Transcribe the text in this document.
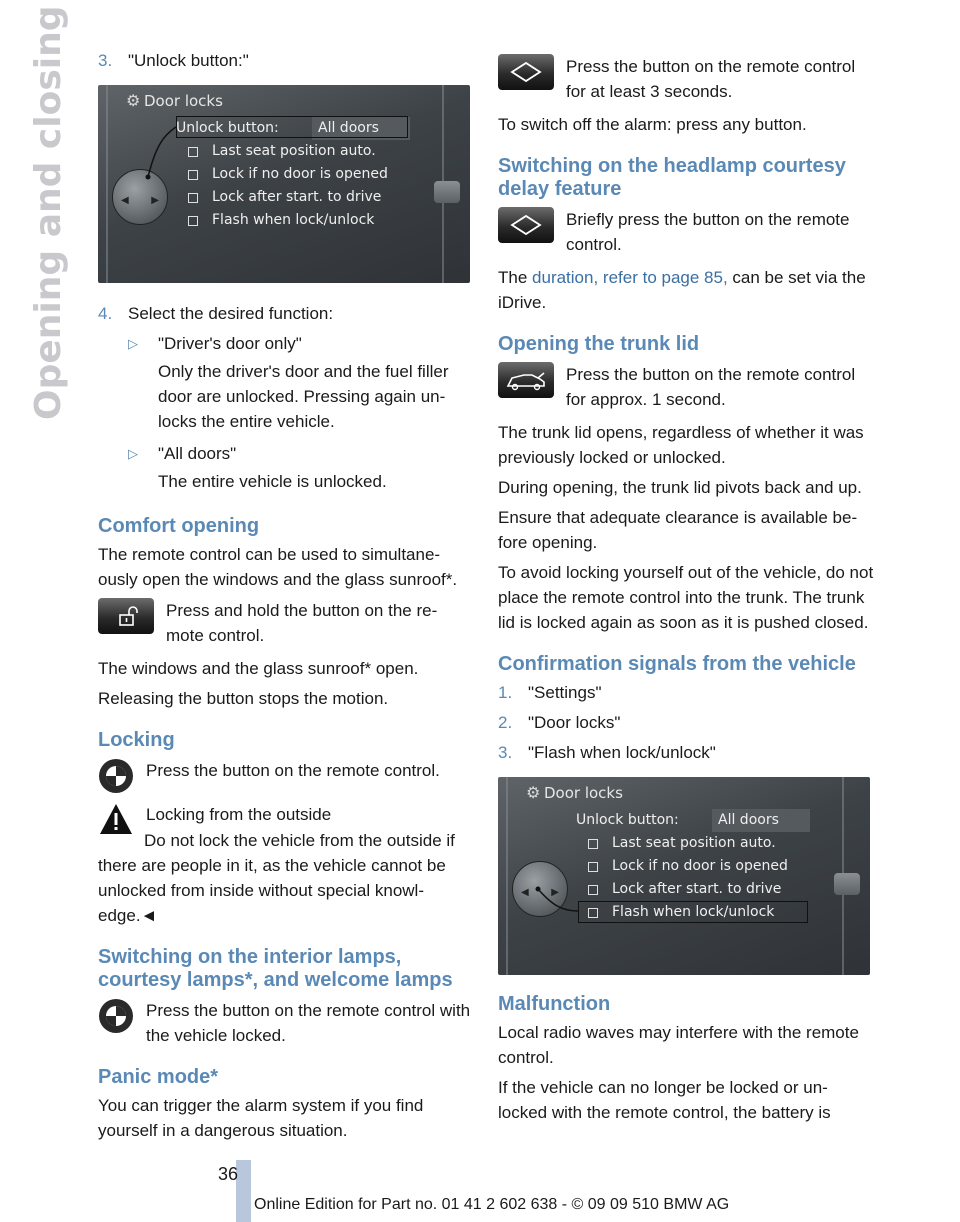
Opening and closing 3. "Unlock button:"
⚙ Door locks
◀ ▶
Unlock button:	All doors
Last seat position auto.
Lock if no door is opened
Lock after start. to drive
Flash when lock/unlock
4. Select the desired function:
▷	"Driver's door only"

Only the driver's door and the fuel filler door are unlocked. Pressing again un-locks the entire vehicle.

▷	"All doors"

The entire vehicle is unlocked.

Comfort opening

The remote control can be used to simultane-ously open the windows and the glass sunroof*.

Press and hold the button on the re-mote control.

The windows and the glass sunroof* open.

Releasing the button stops the motion.

Locking
Press the button on the remote control.
Locking from the outside

Do not lock the vehicle from the outside if there are people in it, as the vehicle cannot be unlocked from inside without special knowl-edge.◄

Switching on the interior lamps, courtesy lamps*, and welcome lamps
Press the button on the remote control with the vehicle locked.
Panic mode*

You can trigger the alarm system if you find yourself in a dangerous situation.

Press the button on the remote control for at least 3 seconds.

To switch off the alarm: press any button.

Switching on the headlamp courtesy delay feature
Briefly press the button on the remote control.

The duration, refer to page 85, can be set via the iDrive.

Opening the trunk lid
Press the button on the remote control for approx. 1 second.

The trunk lid opens, regardless of whether it was previously locked or unlocked.

During opening, the trunk lid pivots back and up.

Ensure that adequate clearance is available be-fore opening.

To avoid locking yourself out of the vehicle, do not place the remote control into the trunk. The trunk lid is locked again as soon as it is pushed closed.

Confirmation signals from the vehicle
1. "Settings"
2. "Door locks"
3. "Flash when lock/unlock"
⚙ Door locks
◀ ▶
Unlock button:	All doors
Last seat position auto.
Lock if no door is opened
Lock after start. to drive
Flash when lock/unlock
Malfunction

Local radio waves may interfere with the remote control.

If the vehicle can no longer be locked or un-locked with the remote control, the battery is

36
Online Edition for Part no. 01 41 2 602 638 - © 09 09 510 BMW AG
